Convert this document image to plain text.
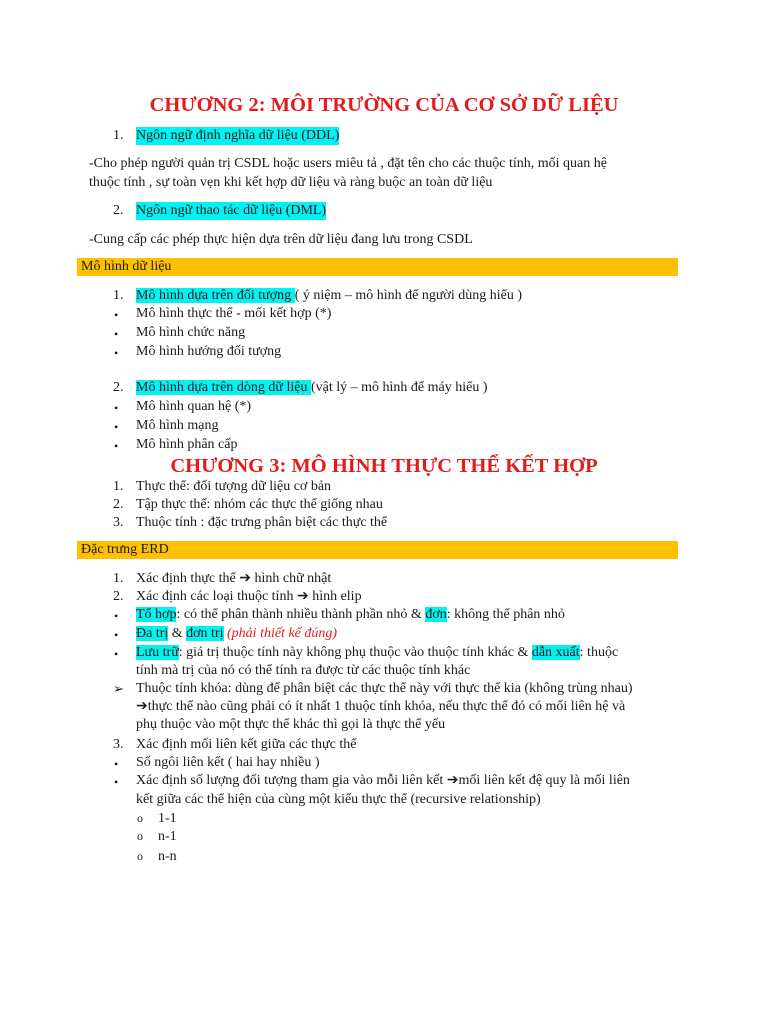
CHƯƠNG 2: MÔI TRƯỜNG CỦA CƠ SỞ DỮ LIỆU
1. Ngôn ngữ định nghĩa dữ liệu (DDL)
-Cho phép người quản trị CSDL hoặc users miêu tả , đặt tên cho các thuộc tính, mối quan hệ
thuộc tính , sự toàn vẹn khi kết hợp dữ liệu và ràng buộc an toàn dữ liệu
2. Ngôn ngữ thao tác dữ liệu (DML)
-Cung cấp các phép thực hiện dựa trên dữ liệu đang lưu trong CSDL
Mô hình dữ liệu
1. Mô hình dựa trên đối tượng ( ý niệm – mô hình để người dùng hiểu )
• Mô hình thực thể - mối kết hợp (*)
• Mô hình chức năng
• Mô hình hướng đối tượng
2. Mô hình dựa trên dòng dữ liệu (vật lý – mô hình để máy hiểu )
• Mô hình quan hệ (*)
• Mô hình mạng
• Mô hình phân cấp
CHƯƠNG 3: MÔ HÌNH THỰC THỂ KẾT HỢP
1. Thực thể: đối tượng dữ liệu cơ bản
2. Tập thực thể: nhóm các thực thể giống nhau
3. Thuộc tính : đặc trưng phân biệt các thực thể
Đặc trưng ERD
1. Xác định thực thể ➔ hình chữ nhật
2. Xác định các loại thuộc tính ➔ hình elip
• Tổ hợp: có thể phân thành nhiều thành phần nhỏ & đơn: không thể phân nhỏ
• Đa trị & đơn trị (phải thiết kế đúng)
• Lưu trữ: giá trị thuộc tính này không phụ thuộc vào thuộc tính khác & dẫn xuất: thuộc
tính mà trị của nó có thể tính ra được từ các thuộc tính khác
➢ Thuộc tính khóa: dùng để phân biệt các thực thể này với thực thể kia (không trùng nhau)
➔thực thể nào cũng phải có ít nhất 1 thuộc tính khóa, nếu thực thể đó có mối liên hệ và
phụ thuộc vào một thực thể khác thì gọi là thực thể yếu
3. Xác định mối liên kết giữa các thực thể
• Số ngôi liên kết ( hai hay nhiều )
• Xác định số lượng đối tượng tham gia vào mỗi liên kết ➔mối liên kết đệ quy là mối liên
kết giữa các thể hiện của cùng một kiểu thực thể (recursive relationship)
o 1-1
o n-1
o n-n
